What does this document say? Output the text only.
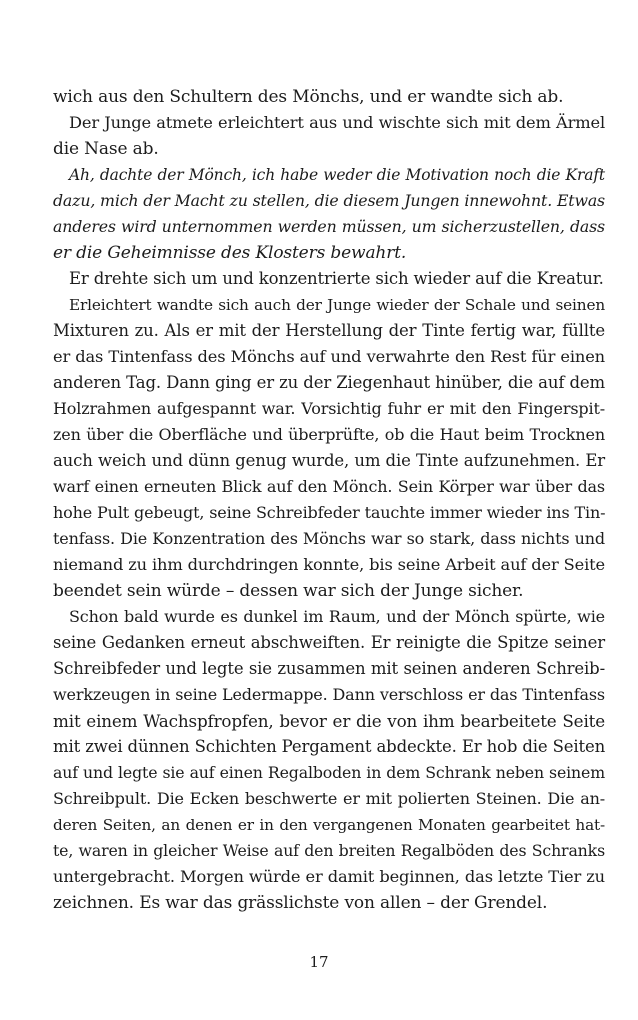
wich aus den Schultern des Mönchs, und er wandte sich ab.
Der Junge atmete erleichtert aus und wischte sich mit dem Ärmel
die Nase ab.
Ah, dachte der Mönch, ich habe weder die Motivation noch die Kraft
dazu, mich der Macht zu stellen, die diesem Jungen innewohnt. Etwas
anderes wird unternommen werden müssen, um sicherzustellen, dass
er die Geheimnisse des Klosters bewahrt.
Er drehte sich um und konzentrierte sich wieder auf die Kreatur.
Erleichtert wandte sich auch der Junge wieder der Schale und seinen
Mixturen zu. Als er mit der Herstellung der Tinte fertig war, füllte
er das Tintenfass des Mönchs auf und verwahrte den Rest für einen
anderen Tag. Dann ging er zu der Ziegenhaut hinüber, die auf dem
Holzrahmen aufgespannt war. Vorsichtig fuhr er mit den Fingerspit-
zen über die Oberfläche und überprüfte, ob die Haut beim Trocknen
auch weich und dünn genug wurde, um die Tinte aufzunehmen. Er
warf einen erneuten Blick auf den Mönch. Sein Körper war über das
hohe Pult gebeugt, seine Schreibfeder tauchte immer wieder ins Tin-
tenfass. Die Konzentration des Mönchs war so stark, dass nichts und
niemand zu ihm durchdringen konnte, bis seine Arbeit auf der Seite
beendet sein würde – dessen war sich der Junge sicher.
Schon bald wurde es dunkel im Raum, und der Mönch spürte, wie
seine Gedanken erneut abschweiften. Er reinigte die Spitze seiner
Schreibfeder und legte sie zusammen mit seinen anderen Schreib-
werkzeugen in seine Ledermappe. Dann verschloss er das Tintenfass
mit einem Wachspfropfen, bevor er die von ihm bearbeitete Seite
mit zwei dünnen Schichten Pergament abdeckte. Er hob die Seiten
auf und legte sie auf einen Regalboden in dem Schrank neben seinem
Schreibpult. Die Ecken beschwerte er mit polierten Steinen. Die an-
deren Seiten, an denen er in den vergangenen Monaten gearbeitet hat-
te, waren in gleicher Weise auf den breiten Regalböden des Schranks
untergebracht. Morgen würde er damit beginnen, das letzte Tier zu
zeichnen. Es war das grässlichste von allen – der Grendel.
17
